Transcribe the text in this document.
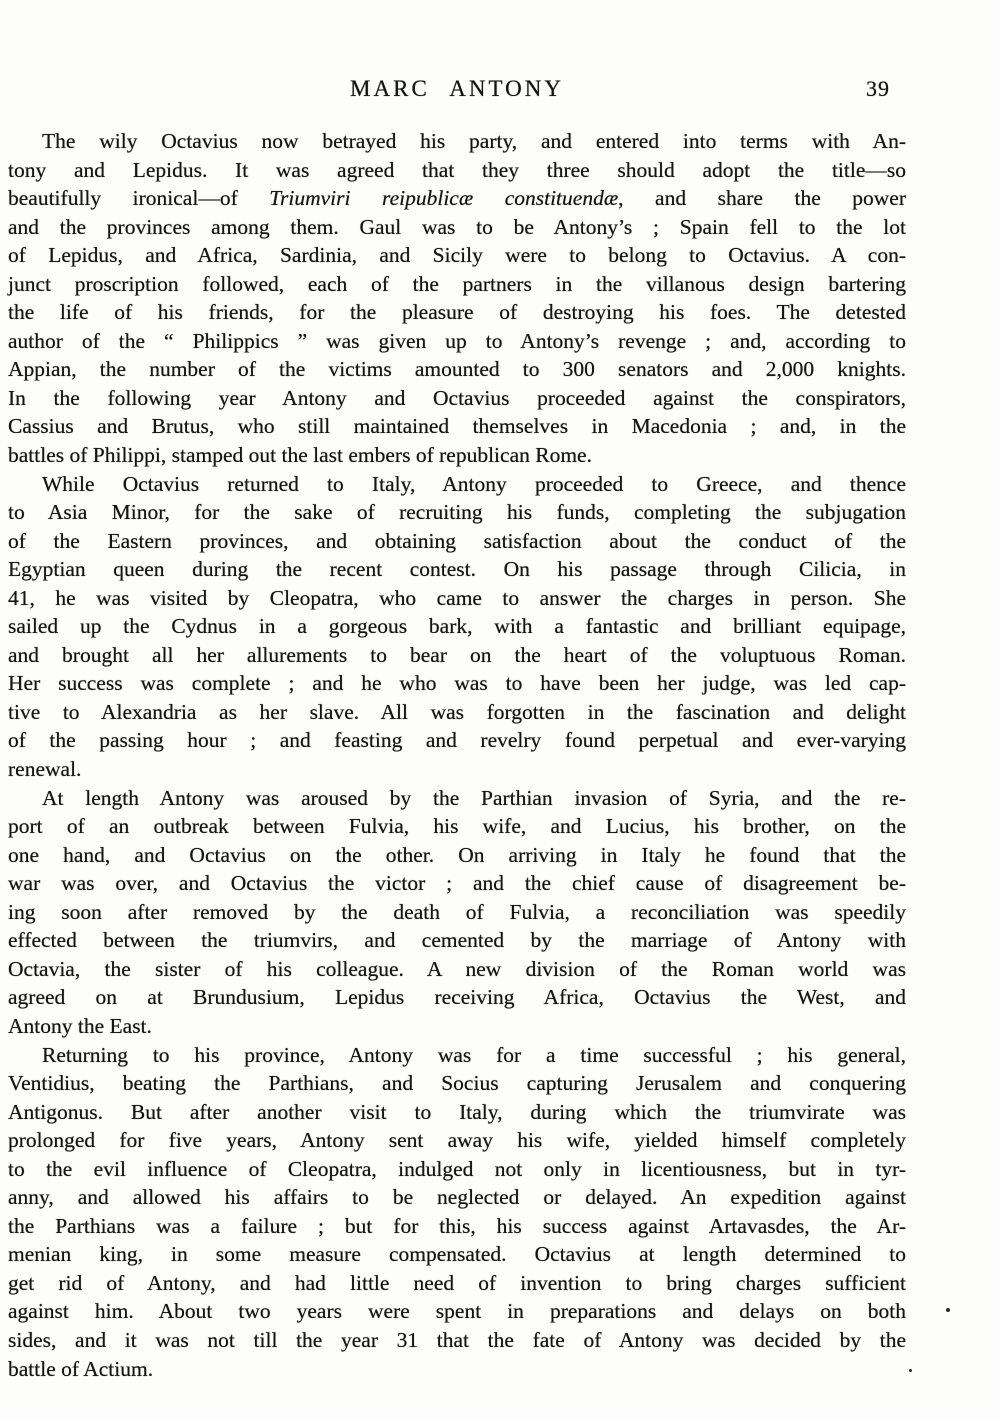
MARC ANTONY	39

The wily Octavius now betrayed his party, and entered into terms with An-
tony and Lepidus. It was agreed that they three should adopt the title—so
beautifully ironical—of Triumviri reipublicæ constituendæ, and share the power
and the provinces among them. Gaul was to be Antony’s ; Spain fell to the lot
of Lepidus, and Africa, Sardinia, and Sicily were to belong to Octavius. A con-
junct proscription followed, each of the partners in the villanous design bartering
the life of his friends, for the pleasure of destroying his foes. The detested
author of the “ Philippics ” was given up to Antony’s revenge ; and, according to
Appian, the number of the victims amounted to 300 senators and 2,000 knights.
In the following year Antony and Octavius proceeded against the conspirators,
Cassius and Brutus, who still maintained themselves in Macedonia ; and, in the
battles of Philippi, stamped out the last embers of republican Rome.

While Octavius returned to Italy, Antony proceeded to Greece, and thence
to Asia Minor, for the sake of recruiting his funds, completing the subjugation
of the Eastern provinces, and obtaining satisfaction about the conduct of the
Egyptian queen during the recent contest. On his passage through Cilicia, in
41, he was visited by Cleopatra, who came to answer the charges in person. She
sailed up the Cydnus in a gorgeous bark, with a fantastic and brilliant equipage,
and brought all her allurements to bear on the heart of the voluptuous Roman.
Her success was complete ; and he who was to have been her judge, was led cap-
tive to Alexandria as her slave. All was forgotten in the fascination and delight
of the passing hour ; and feasting and revelry found perpetual and ever-varying
renewal.

At length Antony was aroused by the Parthian invasion of Syria, and the re-
port of an outbreak between Fulvia, his wife, and Lucius, his brother, on the
one hand, and Octavius on the other. On arriving in Italy he found that the
war was over, and Octavius the victor ; and the chief cause of disagreement be-
ing soon after removed by the death of Fulvia, a reconciliation was speedily
effected between the triumvirs, and cemented by the marriage of Antony with
Octavia, the sister of his colleague. A new division of the Roman world was
agreed on at Brundusium, Lepidus receiving Africa, Octavius the West, and
Antony the East.

Returning to his province, Antony was for a time successful ; his general,
Ventidius, beating the Parthians, and Socius capturing Jerusalem and conquering
Antigonus. But after another visit to Italy, during which the triumvirate was
prolonged for five years, Antony sent away his wife, yielded himself completely
to the evil influence of Cleopatra, indulged not only in licentiousness, but in tyr-
anny, and allowed his affairs to be neglected or delayed. An expedition against
the Parthians was a failure ; but for this, his success against Artavasdes, the Ar-
menian king, in some measure compensated. Octavius at length determined to
get rid of Antony, and had little need of invention to bring charges sufficient
against him. About two years were spent in preparations and delays on both
sides, and it was not till the year 31 that the fate of Antony was decided by the
battle of Actium.
